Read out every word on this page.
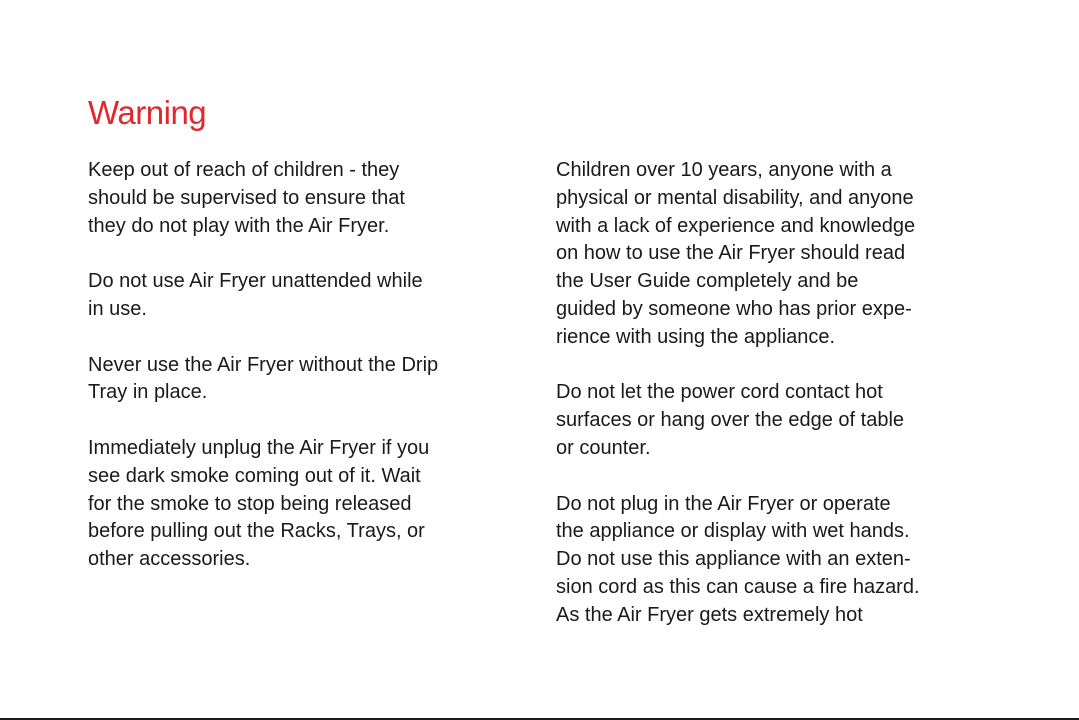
Warning

Keep out of reach of children - they
should be supervised to ensure that
they do not play with the Air Fryer.

Do not use Air Fryer unattended while
in use.

Never use the Air Fryer without the Drip
Tray in place.

Immediately unplug the Air Fryer if you
see dark smoke coming out of it. Wait
for the smoke to stop being released
before pulling out the Racks, Trays, or
other accessories.

Children over 10 years, anyone with a
physical or mental disability, and anyone
with a lack of experience and knowledge
on how to use the Air Fryer should read
the User Guide completely and be
guided by someone who has prior expe-
rience with using the appliance.

Do not let the power cord contact hot
surfaces or hang over the edge of table
or counter.

Do not plug in the Air Fryer or operate
the appliance or display with wet hands.
Do not use this appliance with an exten-
sion cord as this can cause a fire hazard.
As the Air Fryer gets extremely hot
